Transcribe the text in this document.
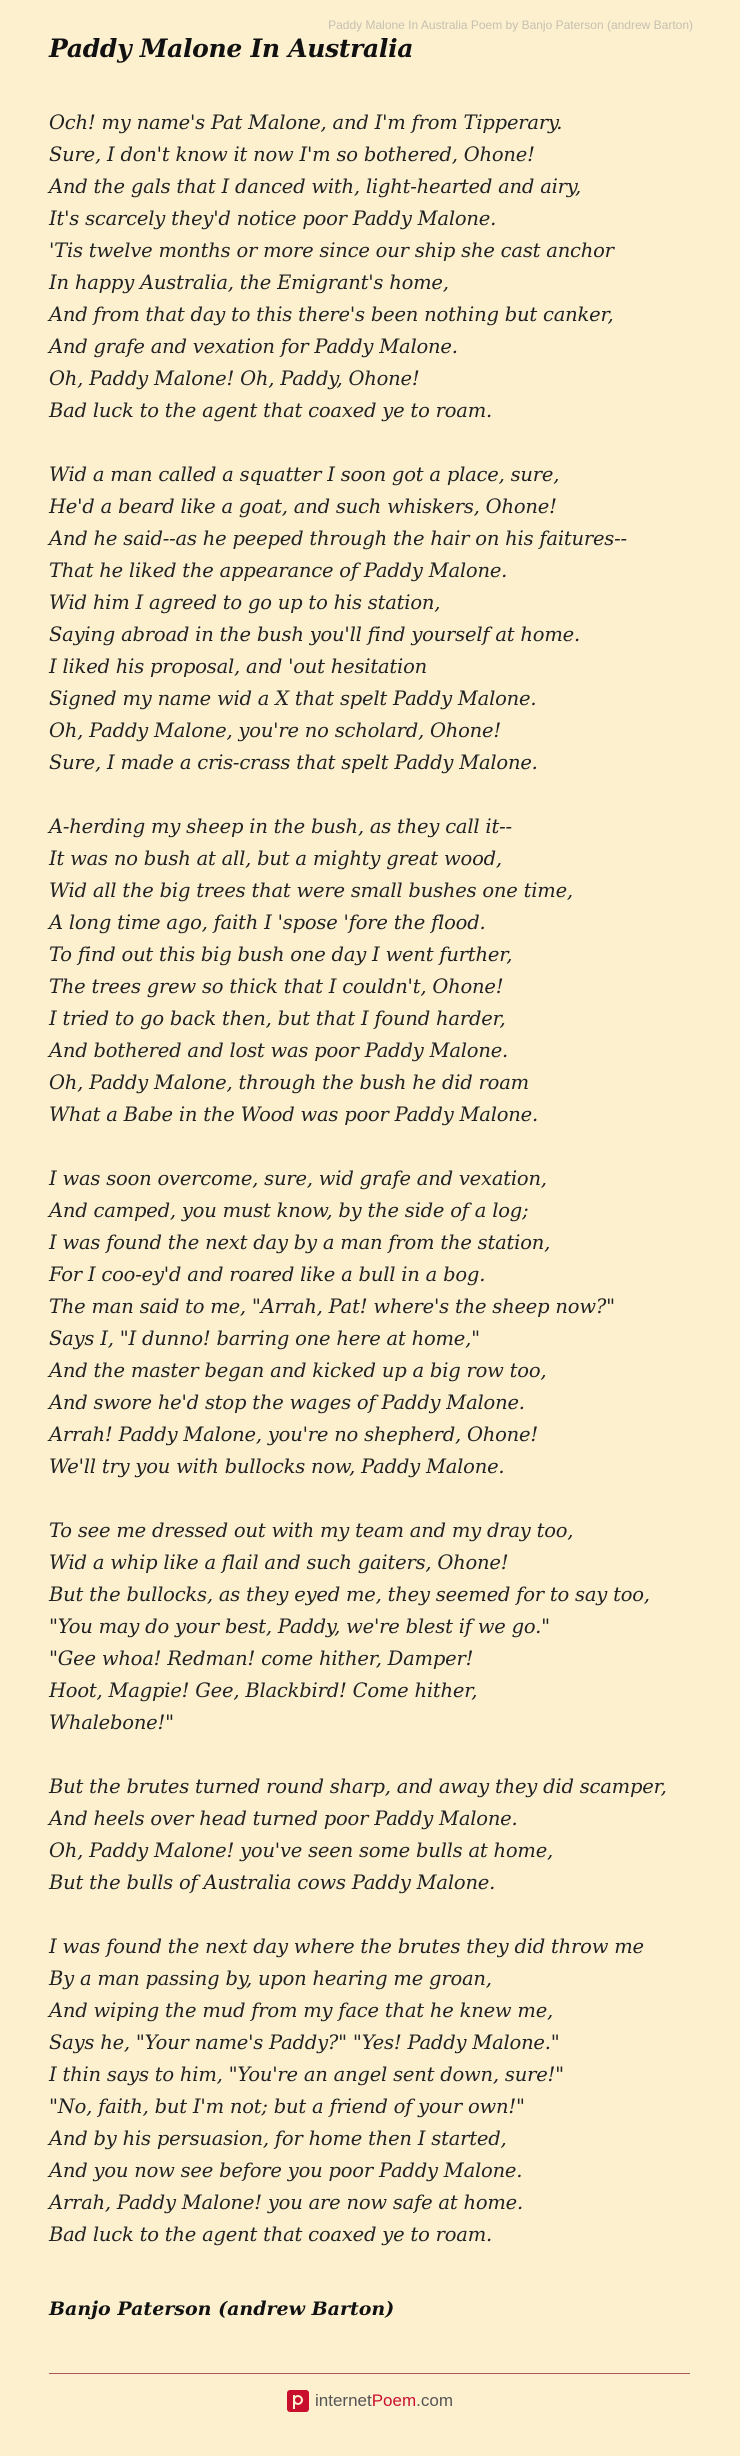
Paddy Malone In Australia Poem by Banjo Paterson (andrew Barton)
Paddy Malone In Australia
Och! my name's Pat Malone, and I'm from Tipperary.
Sure, I don't know it now I'm so bothered, Ohone!
And the gals that I danced with, light-hearted and airy,
It's scarcely they'd notice poor Paddy Malone.
'Tis twelve months or more since our ship she cast anchor
In happy Australia, the Emigrant's home,
And from that day to this there's been nothing but canker,
And grafe and vexation for Paddy Malone.
Oh, Paddy Malone! Oh, Paddy, Ohone!
Bad luck to the agent that coaxed ye to roam.
Wid a man called a squatter I soon got a place, sure,
He'd a beard like a goat, and such whiskers, Ohone!
And he said--as he peeped through the hair on his faitures--
That he liked the appearance of Paddy Malone.
Wid him I agreed to go up to his station,
Saying abroad in the bush you'll find yourself at home.
I liked his proposal, and 'out hesitation
Signed my name wid a X that spelt Paddy Malone.
Oh, Paddy Malone, you're no scholard, Ohone!
Sure, I made a cris-crass that spelt Paddy Malone.
A-herding my sheep in the bush, as they call it--
It was no bush at all, but a mighty great wood,
Wid all the big trees that were small bushes one time,
A long time ago, faith I 'spose 'fore the flood.
To find out this big bush one day I went further,
The trees grew so thick that I couldn't, Ohone!
I tried to go back then, but that I found harder,
And bothered and lost was poor Paddy Malone.
Oh, Paddy Malone, through the bush he did roam
What a Babe in the Wood was poor Paddy Malone.
I was soon overcome, sure, wid grafe and vexation,
And camped, you must know, by the side of a log;
I was found the next day by a man from the station,
For I coo-ey'd and roared like a bull in a bog.
The man said to me, "Arrah, Pat! where's the sheep now?"
Says I, "I dunno! barring one here at home,"
And the master began and kicked up a big row too,
And swore he'd stop the wages of Paddy Malone.
Arrah! Paddy Malone, you're no shepherd, Ohone!
We'll try you with bullocks now, Paddy Malone.
To see me dressed out with my team and my dray too,
Wid a whip like a flail and such gaiters, Ohone!
But the bullocks, as they eyed me, they seemed for to say too,
"You may do your best, Paddy, we're blest if we go."
"Gee whoa! Redman! come hither, Damper!
Hoot, Magpie! Gee, Blackbird! Come hither,
Whalebone!"
But the brutes turned round sharp, and away they did scamper,
And heels over head turned poor Paddy Malone.
Oh, Paddy Malone! you've seen some bulls at home,
But the bulls of Australia cows Paddy Malone.
I was found the next day where the brutes they did throw me
By a man passing by, upon hearing me groan,
And wiping the mud from my face that he knew me,
Says he, "Your name's Paddy?" "Yes! Paddy Malone."
I thin says to him, "You're an angel sent down, sure!"
"No, faith, but I'm not; but a friend of your own!"
And by his persuasion, for home then I started,
And you now see before you poor Paddy Malone.
Arrah, Paddy Malone! you are now safe at home.
Bad luck to the agent that coaxed ye to roam.
Banjo Paterson (andrew Barton)
internetPoem.com
